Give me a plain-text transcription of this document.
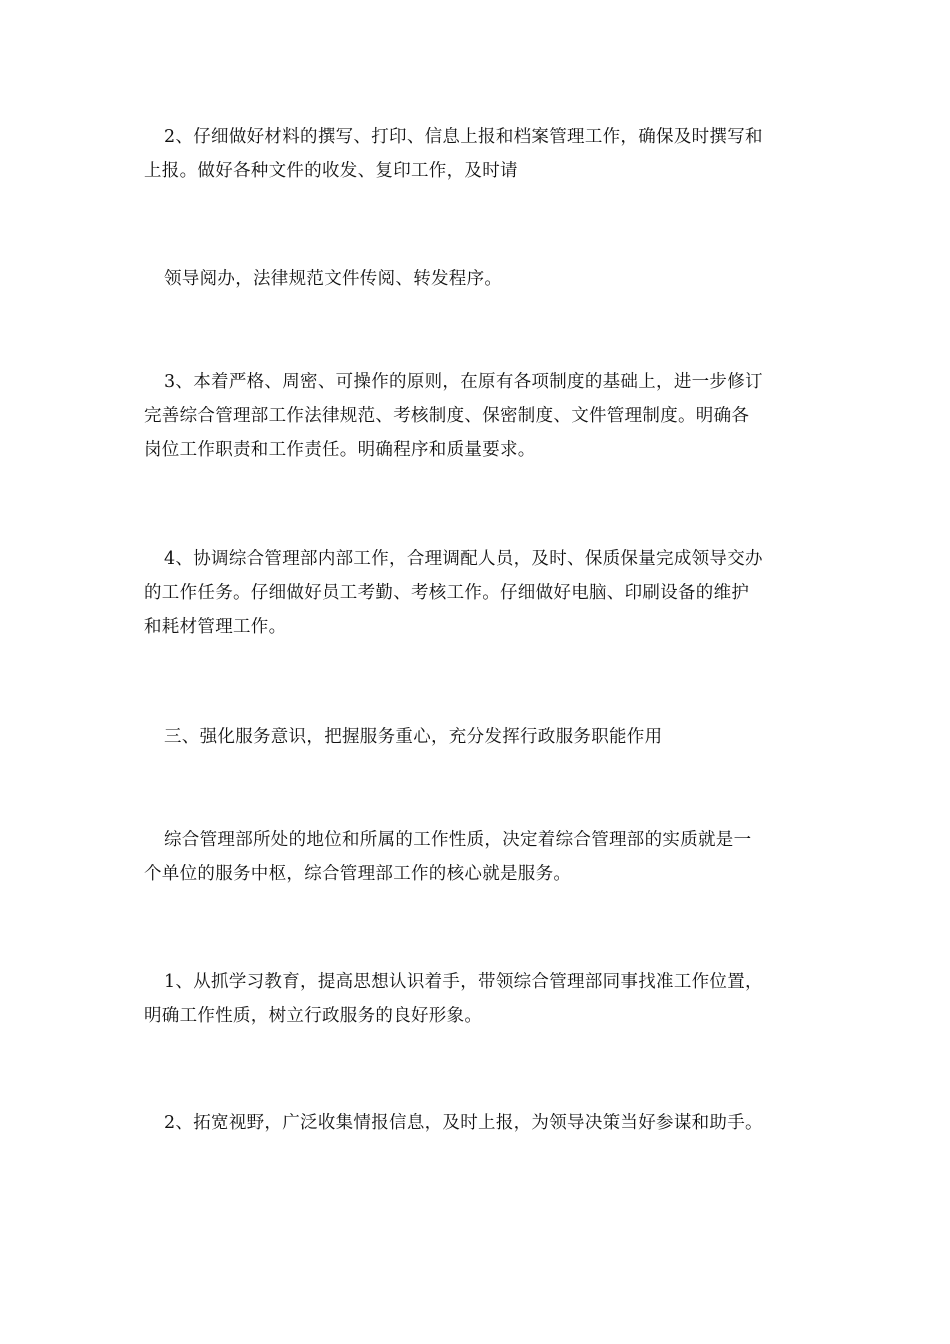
2、仔细做好材料的撰写、打印、信息上报和档案管理工作，确保及时撰写和
上报。做好各种文件的收发、复印工作，及时请

领导阅办，法律规范文件传阅、转发程序。

3、本着严格、周密、可操作的原则，在原有各项制度的基础上，进一步修订
完善综合管理部工作法律规范、考核制度、保密制度、文件管理制度。明确各
岗位工作职责和工作责任。明确程序和质量要求。

4、协调综合管理部内部工作，合理调配人员，及时、保质保量完成领导交办
的工作任务。仔细做好员工考勤、考核工作。仔细做好电脑、印刷设备的维护
和耗材管理工作。

三、强化服务意识，把握服务重心，充分发挥行政服务职能作用

综合管理部所处的地位和所属的工作性质，决定着综合管理部的实质就是一
个单位的服务中枢，综合管理部工作的核心就是服务。

1、从抓学习教育，提高思想认识着手，带领综合管理部同事找准工作位置，
明确工作性质，树立行政服务的良好形象。

2、拓宽视野，广泛收集情报信息，及时上报，为领导决策当好参谋和助手。
